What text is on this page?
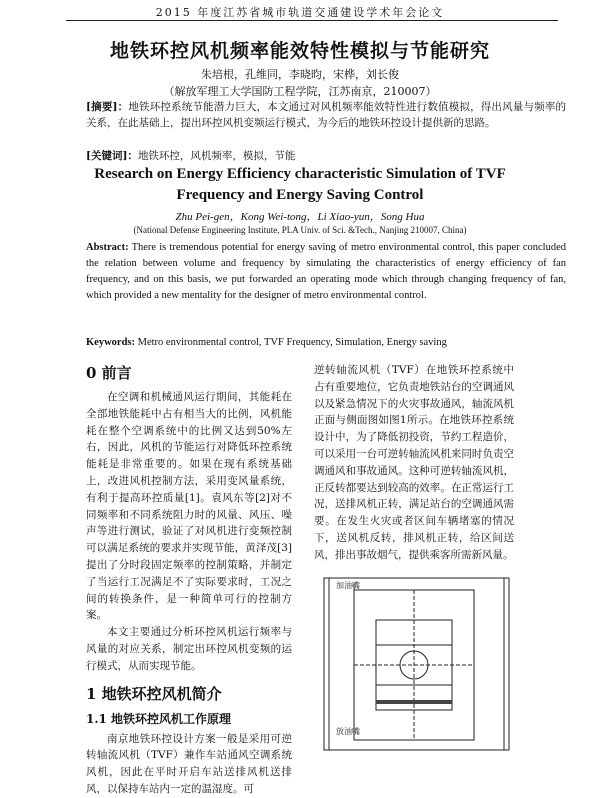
2015 年度江苏省城市轨道交通建设学术年会论文
地铁环控风机频率能效特性模拟与节能研究
朱培根，孔维同，李晓昀，宋桦，刘长俊
（解放军理工大学国防工程学院，江苏南京，210007）
[摘要]：地铁环控系统节能潜力巨大，本文通过对风机频率能效特性进行数值模拟，得出风量与频率的关系，在此基础上，提出环控风机变频运行模式，为今后的地铁环控设计提供新的思路。
[关键词]：地铁环控，风机频率，模拟，节能
Research on Energy Efficiency characteristic Simulation of TVF
Frequency and Energy Saving Control
Zhu Pei-gen，Kong Wei-tong，Li Xiao-yun，Song Hua
(National Defense Engineering Institute, PLA Univ. of Sci. &Tech., Nanjing 210007, China)
Abstract: There is tremendous potential for energy saving of metro environmental control, this paper concluded the relation between volume and frequency by simulating the characteristics of energy efficiency of fan frequency, and on this basis, we put forwarded an operating mode which through changing frequency of fan, which provided a new mentality for the designer of metro environmental control.
Keywords: Metro environmental control, TVF Frequency, Simulation, Energy saving
0 前言

在空调和机械通风运行期间，其能耗在全部地铁能耗中占有相当大的比例，风机能耗在整个空调系统中的比例又达到50%左右，因此，风机的节能运行对降低环控系统能耗是非常重要的。如果在现有系统基础上，改进风机控制方法，采用变风量系统，有利于提高环控质量[1]。袁风东等[2]对不同频率和不同系统阻力时的风量、风压、噪声等进行测试，验证了对风机进行变频控制可以满足系统的要求并实现节能，黄泽茂[3]提出了分时段固定频率的控制策略，并制定了当运行工况满足不了实际要求时，工况之间的转换条件，是一种简单可行的控制方案。

本文主要通过分析环控风机运行频率与风量的对应关系，制定出环控风机变频的运行模式，从而实现节能。

1 地铁环控风机简介
1.1 地铁环控风机工作原理

南京地铁环控设计方案一般是采用可逆转轴流风机（TVF）兼作车站通风空调系统风机，因此在平时开启车站送排风机送排风，以保持车站内一定的温湿度。可

逆转轴流风机（TVF）在地铁环控系统中占有重要地位，它负责地铁站台的空调通风以及紧急情况下的火灾事故通风，轴流风机正面与侧面图如图1所示。在地铁环控系统设计中，为了降低初投资，节约工程造价，可以采用一台可逆转轴流风机来同时负责空调通风和事故通风。这种可逆转轴流风机，正反转都要达到较高的效率。在正常运行工况，送排风机正转，满足站台的空调通风需要。在发生火灾或者区间车辆堵塞的情况下，送风机反转，排风机正转，给区间送风，排出事故烟气，提供乘客所需新风量。

加油嘴
放油嘴
